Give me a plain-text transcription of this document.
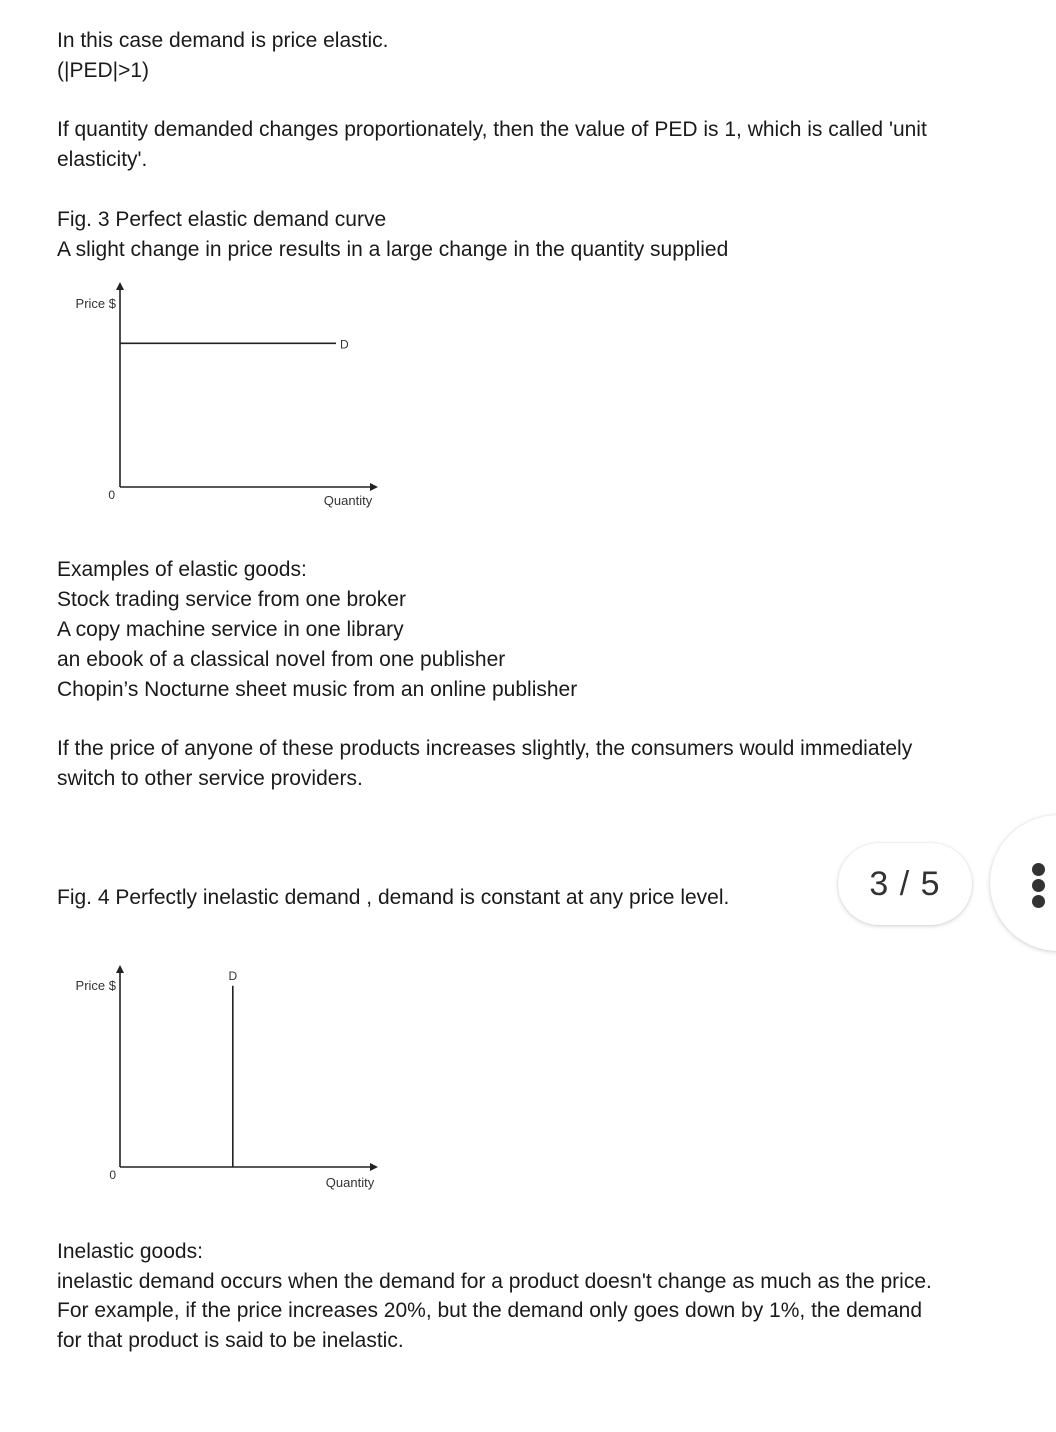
In this case demand is price elastic.

(|PED|>1)

If quantity demanded changes proportionately, then the value of PED is 1, which is called 'unit

elasticity'.

Fig. 3 Perfect elastic demand curve

A slight change in price results in a large change in the quantity supplied

Price $
0	Quantity
D

Examples of elastic goods:

Stock trading service from one broker

A copy machine service in one library

an ebook of a classical novel from one publisher

Chopin’s Nocturne sheet music from an online publisher

If the price of anyone of these products increases slightly, the consumers would immediately

switch to other service providers.

Fig. 4 Perfectly inelastic demand , demand is constant at any price level.

Price $
0	Quantity
D

Inelastic goods:

inelastic demand occurs when the demand for a product doesn't change as much as the price.

For example, if the price increases 20%, but the demand only goes down by 1%, the demand

for that product is said to be inelastic.

3 / 5
